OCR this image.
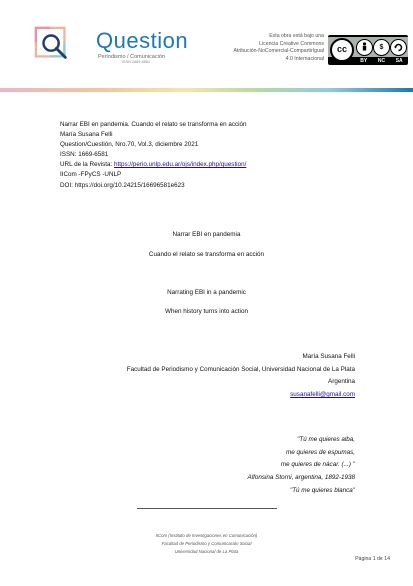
Question
Periodismo / Comunicación
ISSN 1669-6581
Esta obra está bajo una
Licencia Creative Commons
Atribución-NoComercial-CompartirIgual
4.0 Internacional
cc	$
BY NC SA
Narrar EBI en pandemia. Cuando el relato se transforma en acción
María Susana Felli
Question/Cuestión, Nro.70, Vol.3, diciembre 2021
ISSN: 1669-6581
URL de la Revista: https://perio.unlp.edu.ar/ojs/index.php/question/
IICom -FPyCS -UNLP
DOI: https://doi.org/10.24215/16696581e623
Narrar EBI en pandemia
Cuando el relato se transforma en acción
Narrating EBI in a pandemic
When history turns into action
María Susana Felli
Facultad de Periodismo y Comunicación Social, Universidad Nacional de La Plata
Argentina
susanafelli@gmail.com
"Tú me quieres alba,
me quieres de espumas,
me quieres de nácar. (...) "
Alfonsina Storni, argentina, 1892-1938
"Tú me quieres blanca"
IICom (Instituto de Investigaciones en Comunicación)
Facultad de Periodismo y Comunicación Social
Universidad Nacional de La Plata
Página 1 de 14
